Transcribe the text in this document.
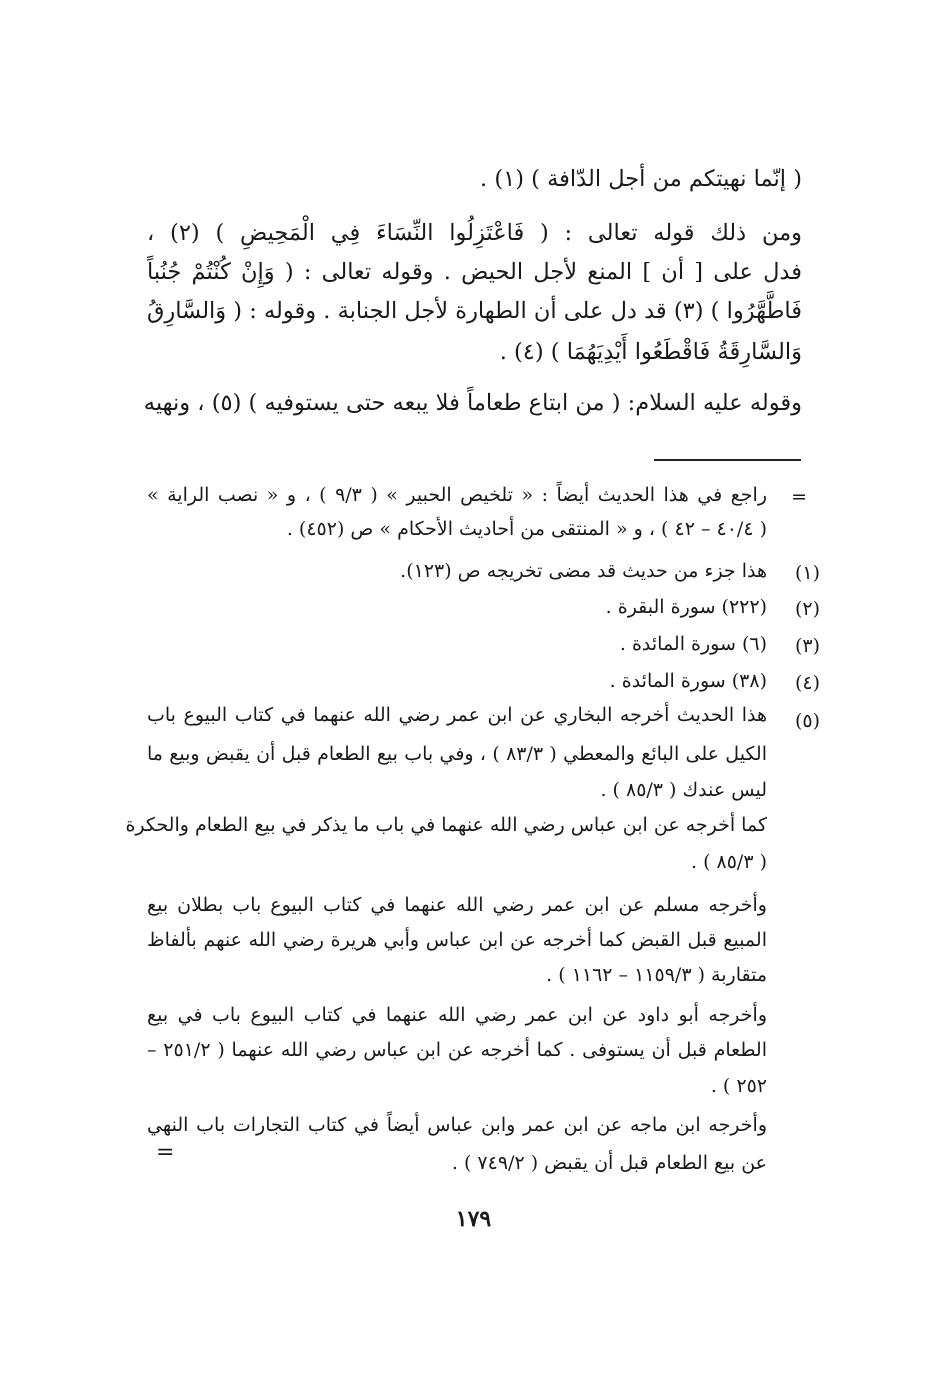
( إنّما نهيتكم من أجل الدّافة ) (١) .
ومن ذلك قوله تعالى : ( فَاعْتَزِلُوا النِّسَاءَ فِي الْمَحِيضِ ) (٢) ،
فدل على [ أن ] المنع لأجل الحيض . وقوله تعالى : ( وَإِنْ كُنْتُمْ جُنُباً
فَاطَّهَّرُوا ) (٣) قد دل على أن الطهارة لأجل الجنابة . وقوله : ( وَالسَّارِقُ
وَالسَّارِقَةُ فَاقْطَعُوا أَيْدِيَهُمَا ) (٤) .
وقوله عليه السلام: ( من ابتاع طعاماً فلا يبعه حتى يستوفيه ) (٥) ، ونهيه
=
راجع في هذا الحديث أيضاً : « تلخيص الحبير » ( ٩/٣ ) ، و « نصب الراية »
( ٤٠/٤ – ٤٢ ) ، و « المنتقى من أحاديث الأحكام » ص (٤٥٢) .
(١)
هذا جزء من حديث قد مضى تخريجه ص (١٢٣).
(٢)
(٢٢٢) سورة البقرة .
(٣)
(٦) سورة المائدة .
(٤)
(٣٨) سورة المائدة .
(٥)
هذا الحديث أخرجه البخاري عن ابن عمر رضي الله عنهما في كتاب البيوع باب
الكيل على البائع والمعطي ( ٨٣/٣ ) ، وفي باب بيع الطعام قبل أن يقبض وبيع ما
ليس عندك ( ٨٥/٣ ) .
كما أخرجه عن ابن عباس رضي الله عنهما في باب ما يذكر في بيع الطعام والحكرة
( ٨٥/٣ ) .
وأخرجه مسلم عن ابن عمر رضي الله عنهما في كتاب البيوع باب بطلان بيع
المبيع قبل القبض كما أخرجه عن ابن عباس وأبي هريرة رضي الله عنهم بألفاظ
متقاربة ( ١١٥٩/٣ – ١١٦٢ ) .
وأخرجه أبو داود عن ابن عمر رضي الله عنهما في كتاب البيوع باب في بيع
الطعام قبل أن يستوفى . كما أخرجه عن ابن عباس رضي الله عنهما ( ٢٥١/٢ –
٢٥٢ ) .
وأخرجه ابن ماجه عن ابن عمر وابن عباس أيضاً في كتاب التجارات باب النهي
=	عن بيع الطعام قبل أن يقبض ( ٧٤٩/٢ ) .
١٧٩
